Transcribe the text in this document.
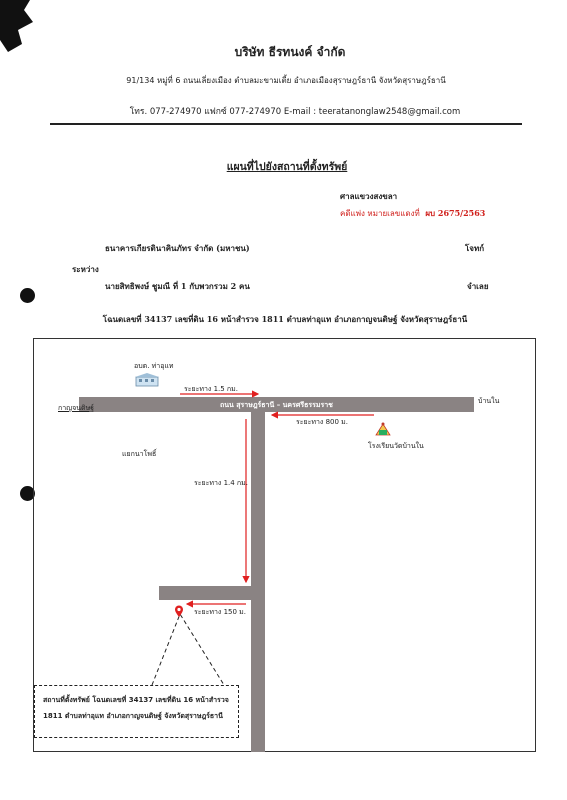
บริษัท ธีรทนงค์ จำกัด
91/134 หมู่ที่ 6 ถนนเลี่ยงเมือง ตำบลมะขามเตี้ย อำเภอเมืองสุราษฎร์ธานี จังหวัดสุราษฎร์ธานี
โทร. 077-274970 แฟกซ์ 077-274970 E-mail : teeratanonglaw2548@gmail.com
แผนที่ไปยังสถานที่ตั้งทรัพย์
ศาลแขวงสงขลา
คดีแพ่ง หมายเลขแดงที่ ผบ 2675/2563
ธนาคารเกียรตินาคินภัทร จำกัด (มหาชน)	โจทก์
ระหว่าง
นายสิทธิพงษ์ ชูมณี ที่ 1 กับพวกรวม 2 คน	จำเลย
โฉนดเลขที่ 34137 เลขที่ดิน 16 หน้าสำรวจ 1811 ตำบลท่าอุแท อำเภอกาญจนดิษฐ์ จังหวัดสุราษฎร์ธานี
อบต. ท่าอุแท
ระยะทาง 1.5 กม.
ถนน สุราษฎร์ธานี – นครศรีธรรมราช
กาญจนดิษฐ์
บ้านใน
ระยะทาง 800 ม.
โรงเรียนวัดบ้านใน
แยกนาโพธิ์
ระยะทาง 1.4 กม.
ระยะทาง 150 ม.
สถานที่ตั้งทรัพย์ โฉนดเลขที่ 34137 เลขที่ดิน 16 หน้าสำรวจ
1811 ตำบลท่าอุแท อำเภอกาญจนดิษฐ์ จังหวัดสุราษฎร์ธานี
